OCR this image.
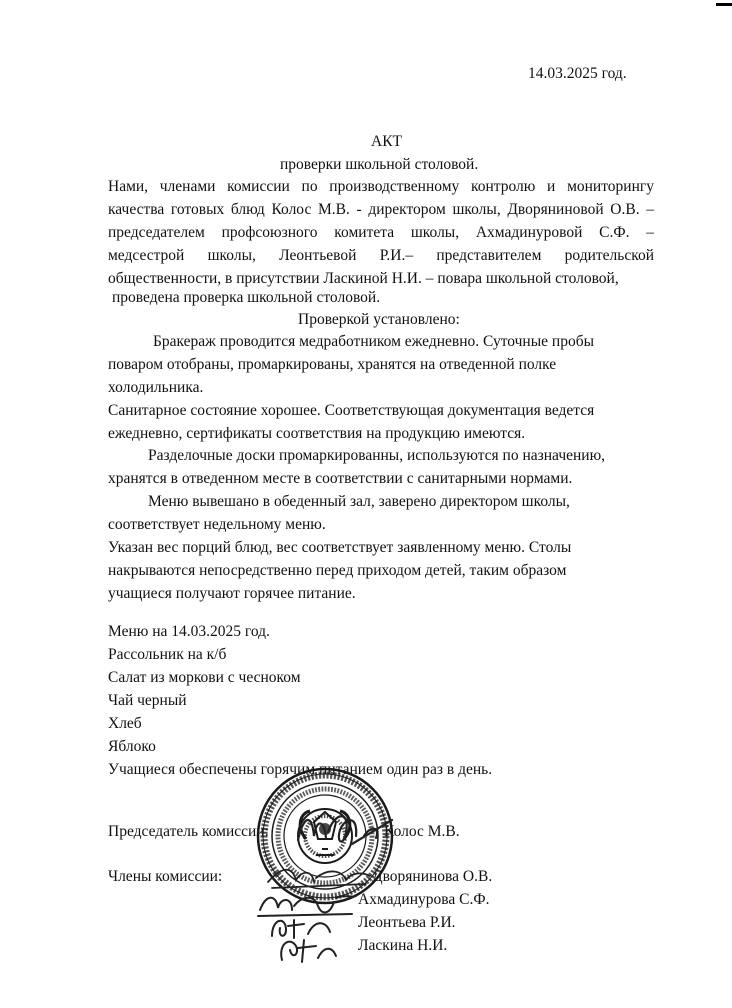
14.03.2025 год.
АКТ
проверки школьной столовой.
Нами, членами комиссии по производственному контролю и мониторингу качества готовых блюд Колос М.В. - директором школы, Дворяниновой О.В. – председателем профсоюзного комитета школы, Ахмадинуровой С.Ф. – медсестрой школы, Леонтьевой Р.И.– представителем родительской общественности, в присутствии Ласкиной Н.И. – повара школьной столовой,
проведена проверка школьной столовой.
Проверкой установлено:
Бракераж проводится медработником ежедневно. Суточные пробы
поваром отобраны, промаркированы, хранятся на отведенной полке
холодильника.
Санитарное состояние хорошее. Соответствующая документация ведется
ежедневно, сертификаты соответствия на продукцию имеются.
Разделочные доски промаркированны, используются по назначению,
хранятся в отведенном месте в соответствии с санитарными нормами.
Меню вывешано в обеденный зал, заверено директором школы,
соответствует недельному меню.
Указан вес порций блюд, вес соответствует заявленному меню. Столы
накрываются непосредственно перед приходом детей, таким образом
учащиеся получают горячее питание.
Меню на 14.03.2025 год.
Рассольник на к/б
Салат из моркови с чесноком
Чай черный
Хлеб
Яблоко
Учащиеся обеспечены горячим питанием один раз в день.
Председатель комиссии:	Колос М.В.
Члены комиссии:	Дворянинова О.В.
Ахмадинурова С.Ф.
Леонтьева Р.И.
Ласкина Н.И.
